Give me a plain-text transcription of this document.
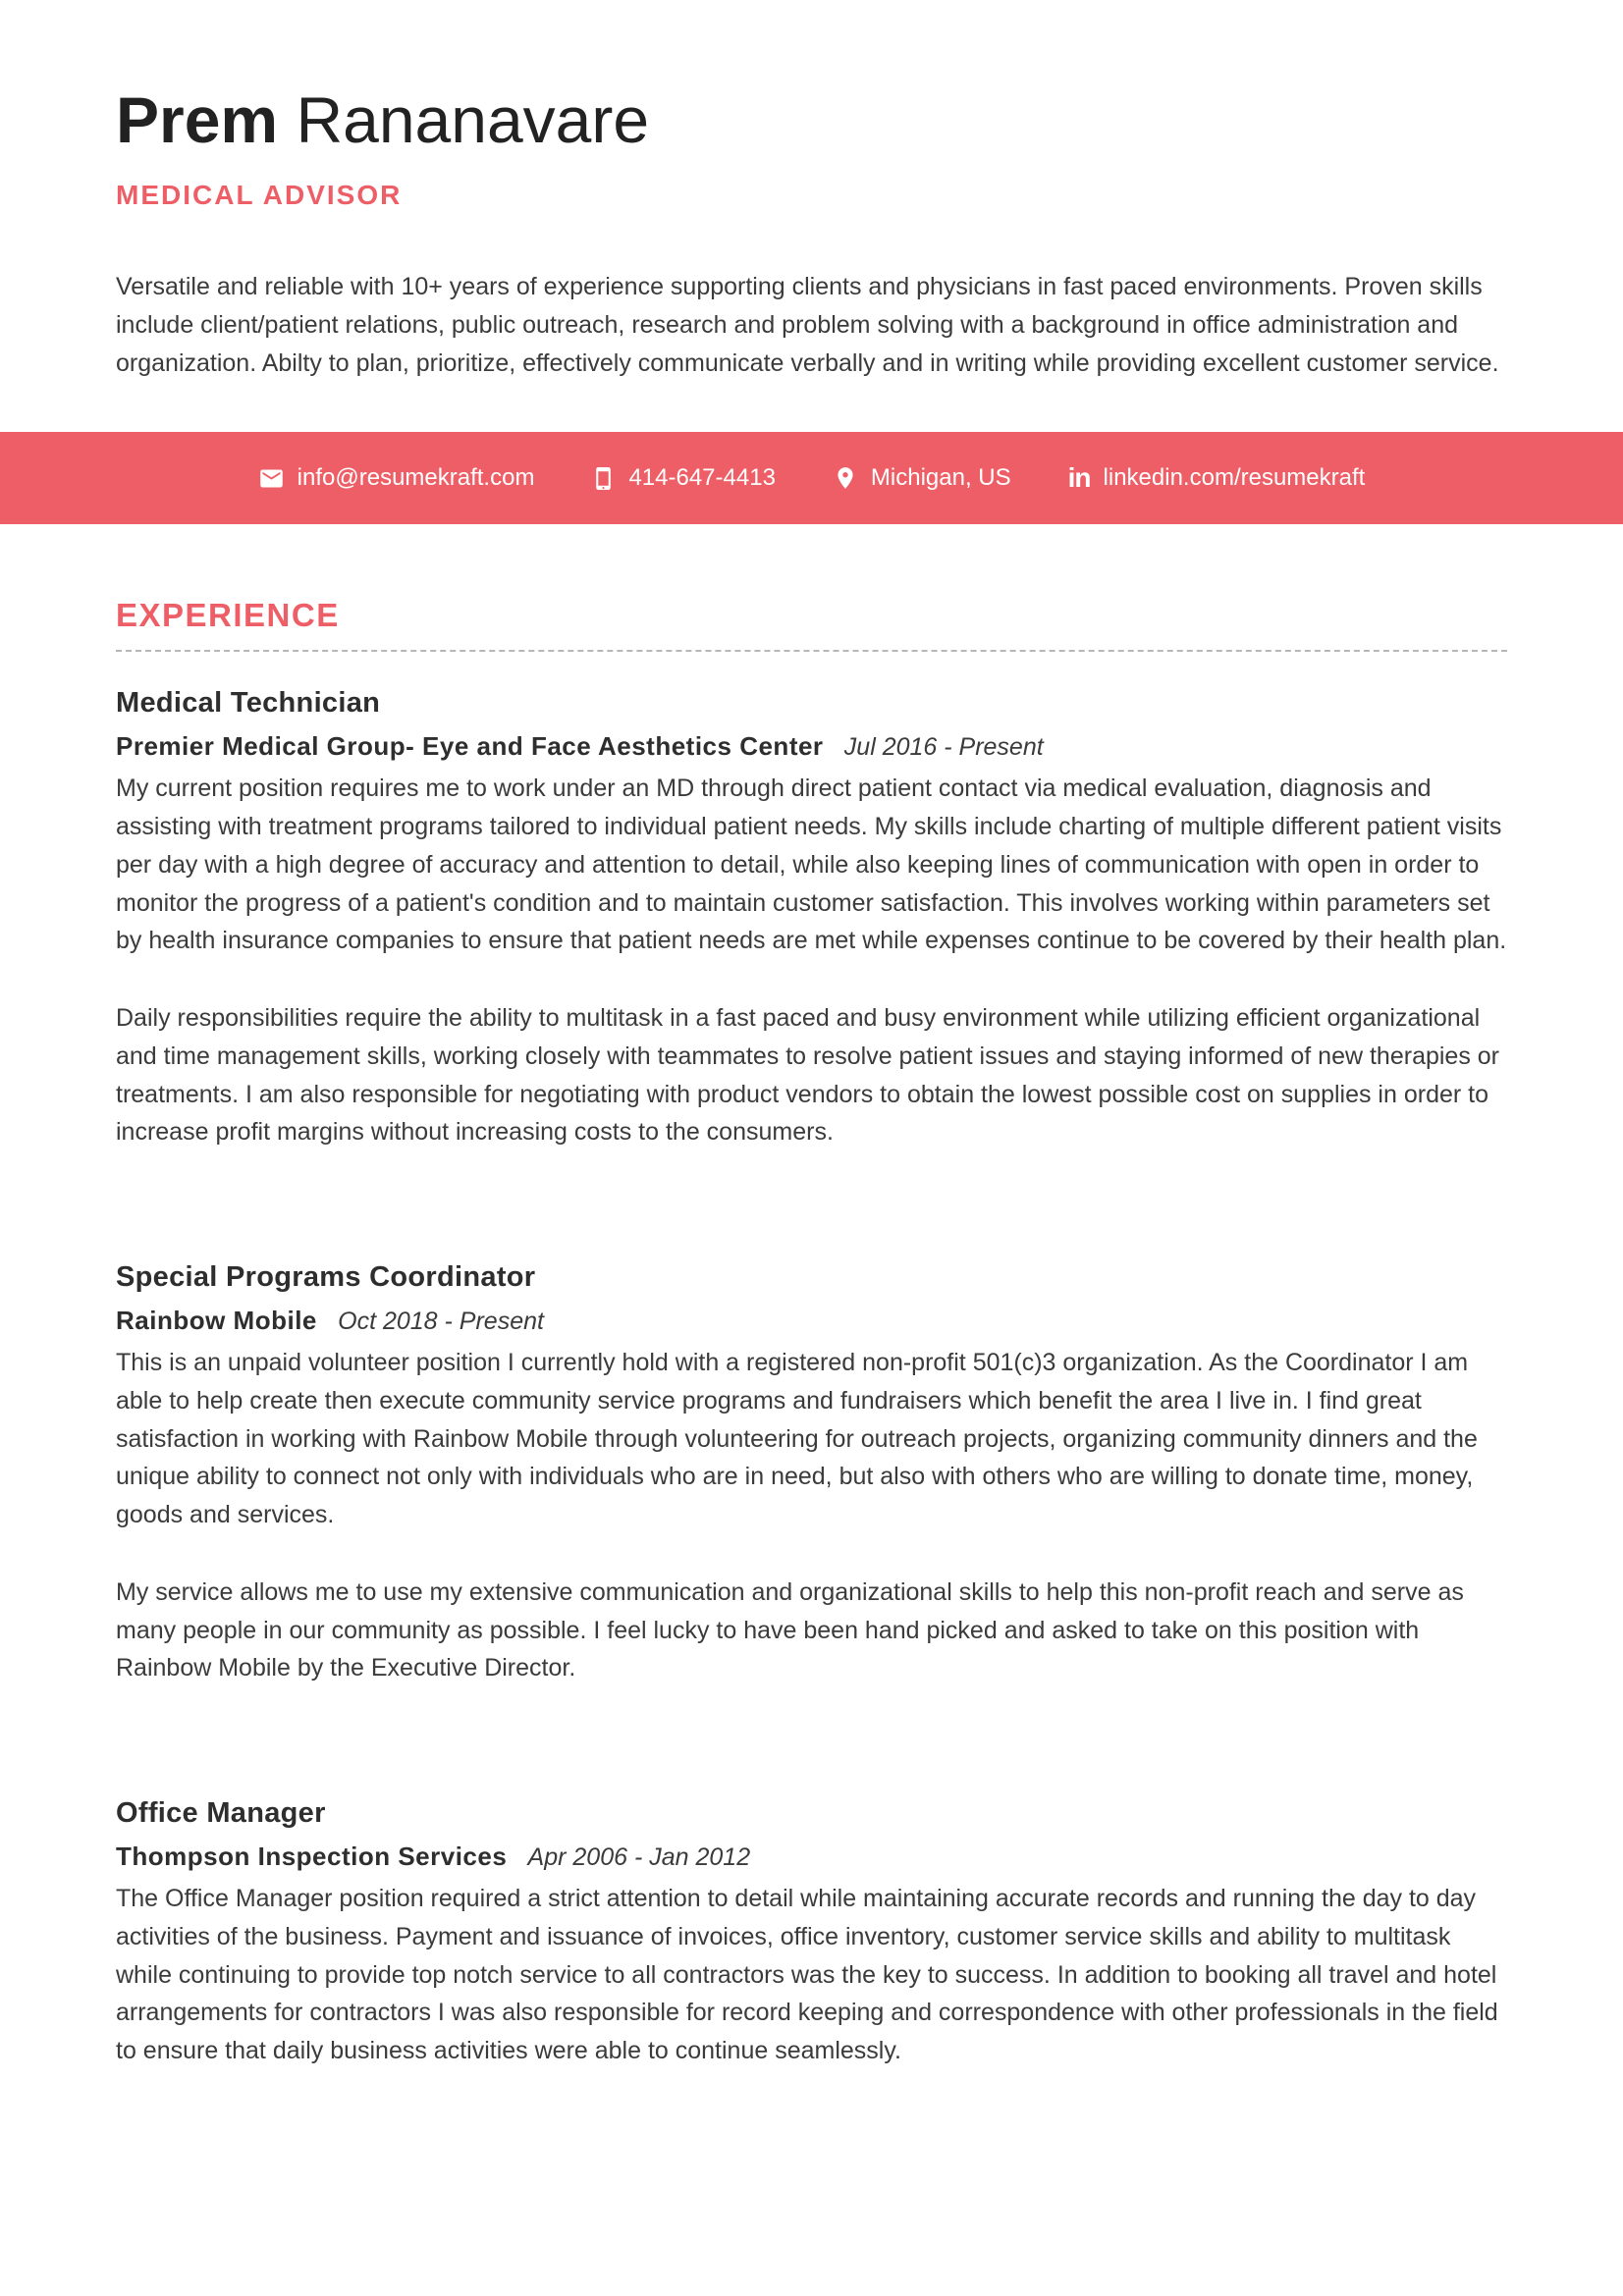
Prem Rananavare
MEDICAL ADVISOR
Versatile and reliable with 10+ years of experience supporting clients and physicians in fast paced environments. Proven skills include client/patient relations, public outreach, research and problem solving with a background in office administration and organization. Abilty to plan, prioritize, effectively communicate verbally and in writing while providing excellent customer service.
info@resumekraft.com	414-647-4413	Michigan, US in linkedin.com/resumekraft
EXPERIENCE
Medical Technician
Premier Medical Group- Eye and Face Aesthetics Center Jul 2016 - Present

My current position requires me to work under an MD through direct patient contact via medical evaluation, diagnosis and assisting with treatment programs tailored to individual patient needs. My skills include charting of multiple different patient visits per day with a high degree of accuracy and attention to detail, while also keeping lines of communication with open in order to monitor the progress of a patient's condition and to maintain customer satisfaction. This involves working within parameters set by health insurance companies to ensure that patient needs are met while expenses continue to be covered by their health plan.

Daily responsibilities require the ability to multitask in a fast paced and busy environment while utilizing efficient organizational and time management skills, working closely with teammates to resolve patient issues and staying informed of new therapies or treatments. I am also responsible for negotiating with product vendors to obtain the lowest possible cost on supplies in order to increase profit margins without increasing costs to the consumers.

Special Programs Coordinator
Rainbow Mobile Oct 2018 - Present

This is an unpaid volunteer position I currently hold with a registered non-profit 501(c)3 organization. As the Coordinator I am able to help create then execute community service programs and fundraisers which benefit the area I live in. I find great satisfaction in working with Rainbow Mobile through volunteering for outreach projects, organizing community dinners and the unique ability to connect not only with individuals who are in need, but also with others who are willing to donate time, money, goods and services.

My service allows me to use my extensive communication and organizational skills to help this non-profit reach and serve as many people in our community as possible. I feel lucky to have been hand picked and asked to take on this position with Rainbow Mobile by the Executive Director.

Office Manager
Thompson Inspection Services Apr 2006 - Jan 2012

The Office Manager position required a strict attention to detail while maintaining accurate records and running the day to day activities of the business. Payment and issuance of invoices, office inventory, customer service skills and ability to multitask while continuing to provide top notch service to all contractors was the key to success. In addition to booking all travel and hotel arrangements for contractors I was also responsible for record keeping and correspondence with other professionals in the field to ensure that daily business activities were able to continue seamlessly.
